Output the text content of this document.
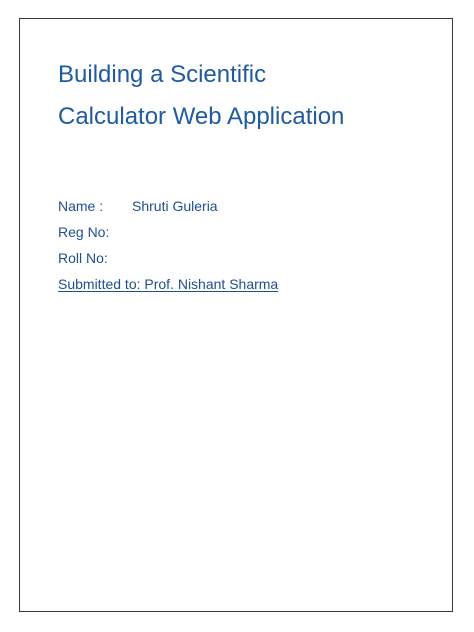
Building a Scientific
Calculator Web Application
Name : Shruti Guleria
Reg No:
Roll No:
Submitted to: Prof. Nishant Sharma
